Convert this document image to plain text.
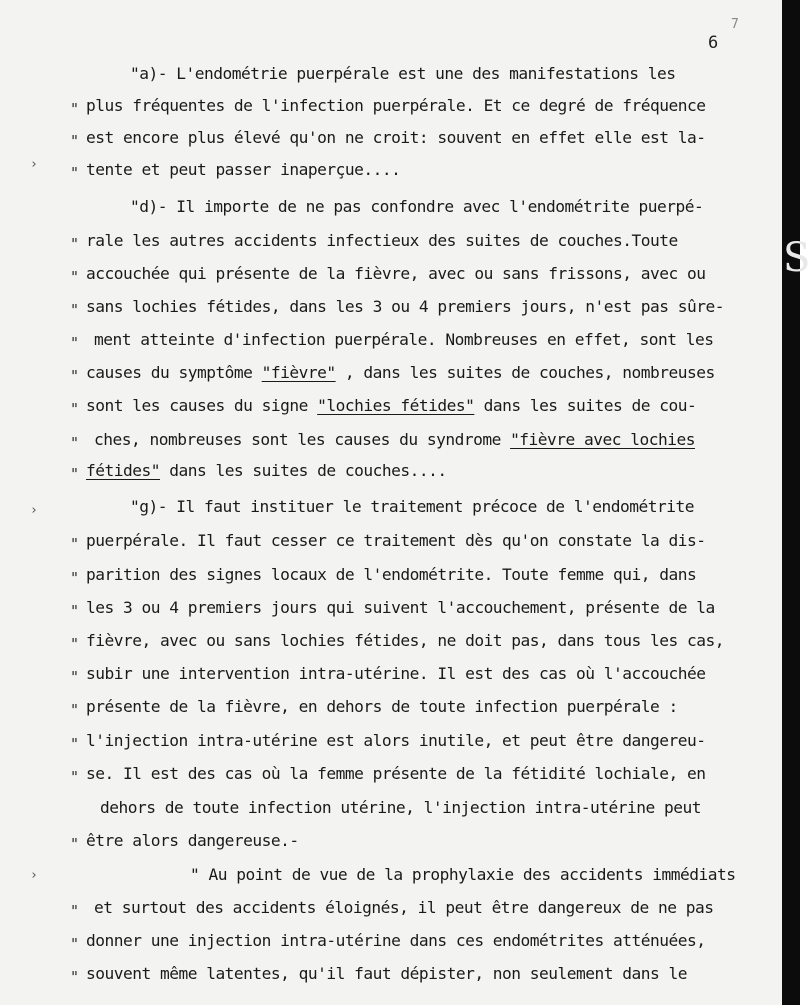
7
6
›
›
›
"a)- L'endométrie puerpérale est une des manifestations les
plus fréquentes de l'infection puerpérale. Et ce degré de fréquence
est encore plus élevé qu'on ne croit: souvent en effet elle est la-
tente et peut passer inaperçue....
"d)- Il importe de ne pas confondre avec l'endométrite puerpé-
rale les autres accidents infectieux des suites de couches.Toute
accouchée qui présente de la fièvre, avec ou sans frissons, avec ou
sans lochies fétides, dans les 3 ou 4 premiers jours, n'est pas sûre-
ment atteinte d'infection puerpérale. Nombreuses en effet, sont les
causes du symptôme "fièvre" , dans les suites de couches, nombreuses
sont les causes du signe "lochies fétides" dans les suites de cou-
ches, nombreuses sont les causes du syndrome "fièvre avec lochies
fétides" dans les suites de couches....
"g)- Il faut instituer le traitement précoce de l'endométrite
puerpérale. Il faut cesser ce traitement dès qu'on constate la dis-
parition des signes locaux de l'endométrite. Toute femme qui, dans
les 3 ou 4 premiers jours qui suivent l'accouchement, présente de la
fièvre, avec ou sans lochies fétides, ne doit pas, dans tous les cas,
subir une intervention intra-utérine. Il est des cas où l'accouchée
présente de la fièvre, en dehors de toute infection puerpérale :
l'injection intra-utérine est alors inutile, et peut être dangereu-
se. Il est des cas où la femme présente de la fétidité lochiale, en
dehors de toute infection utérine, l'injection intra-utérine peut
être alors dangereuse.-
" Au point de vue de la prophylaxie des accidents immédiats
et surtout des accidents éloignés, il peut être dangereux de ne pas
donner une injection intra-utérine dans ces endométrites atténuées,
souvent même latentes, qu'il faut dépister, non seulement dans le
"
"
"
"
"
"
"
"
"
"
"
"
"
"
"
"
"
"
"
"
"
"
"
S
